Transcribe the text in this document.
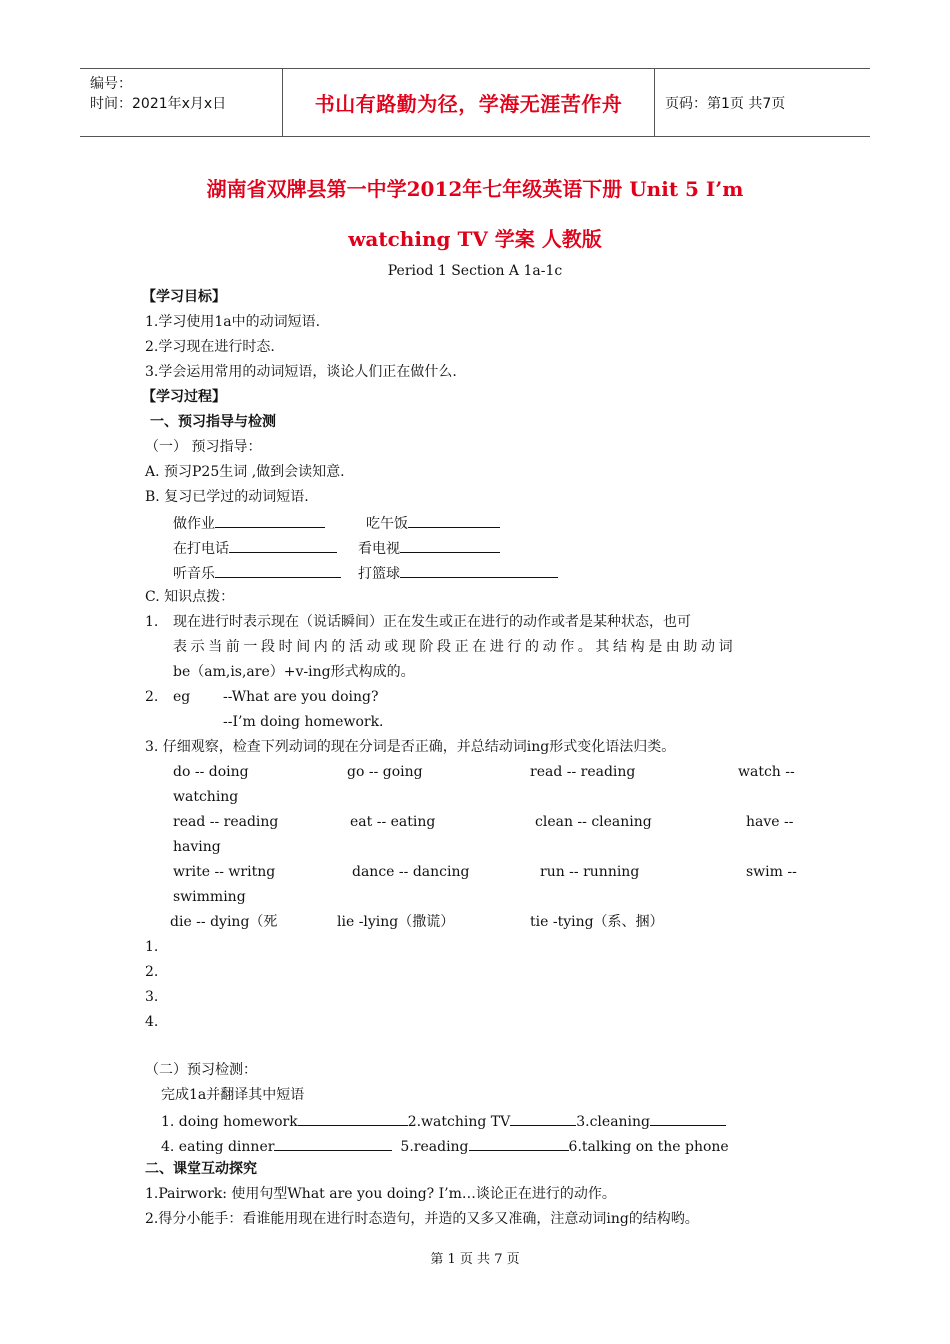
编号：
时间：2021年x月x日	书山有路勤为径，学海无涯苦作舟	页码：第1页 共7页
湖南省双牌县第一中学2012年七年级英语下册 Unit 5 I’m
watching TV 学案 人教版
Period 1 Section A 1a-1c
【学习目标】
1.学习使用1a中的动词短语.
2.学习现在进行时态.
3.学会运用常用的动词短语，谈论人们正在做什么.
【学习过程】
一、预习指导与检测
（一） 预习指导：
A. 预习P25生词 ,做到会读知意.
B. 复习已学过的动词短语.
做作业	吃午饭
在打电话	看电视
听音乐	打篮球
C. 知识点拨：
1. 现在进行时表示现在（说话瞬间）正在发生或正在进行的动作或者是某种状态，也可
表示当前一段时间内的活动或现阶段正在进行的动作。其结构是由助动词
be（am,is,are）+v-ing形式构成的。
2. eg --What are you doing?
--I’m doing homework.
3. 仔细观察，检查下列动词的现在分词是否正确，并总结动词ing形式变化语法归类。
do -- doing	go -- going	read -- reading	watch --
watching
read -- reading	eat -- eating	clean -- cleaning	have --
having
write -- writng	dance -- dancing	run -- running	swim --
swimming
die -- dying（死	lie -lying（撒谎）	tie -tying（系、捆）
1.
2.
3.
4.
（二）预习检测：
完成1a并翻译其中短语
1. doing homework	2.watching TV	3.cleaning
4. eating dinner	5.reading	6.talking on the phone
二、课堂互动探究
1.Pairwork: 使用句型What are you doing? I’m…谈论正在进行的动作。
2.得分小能手：看谁能用现在进行时态造句，并造的又多又准确，注意动词ing的结构哟。
第 1 页 共 7 页
